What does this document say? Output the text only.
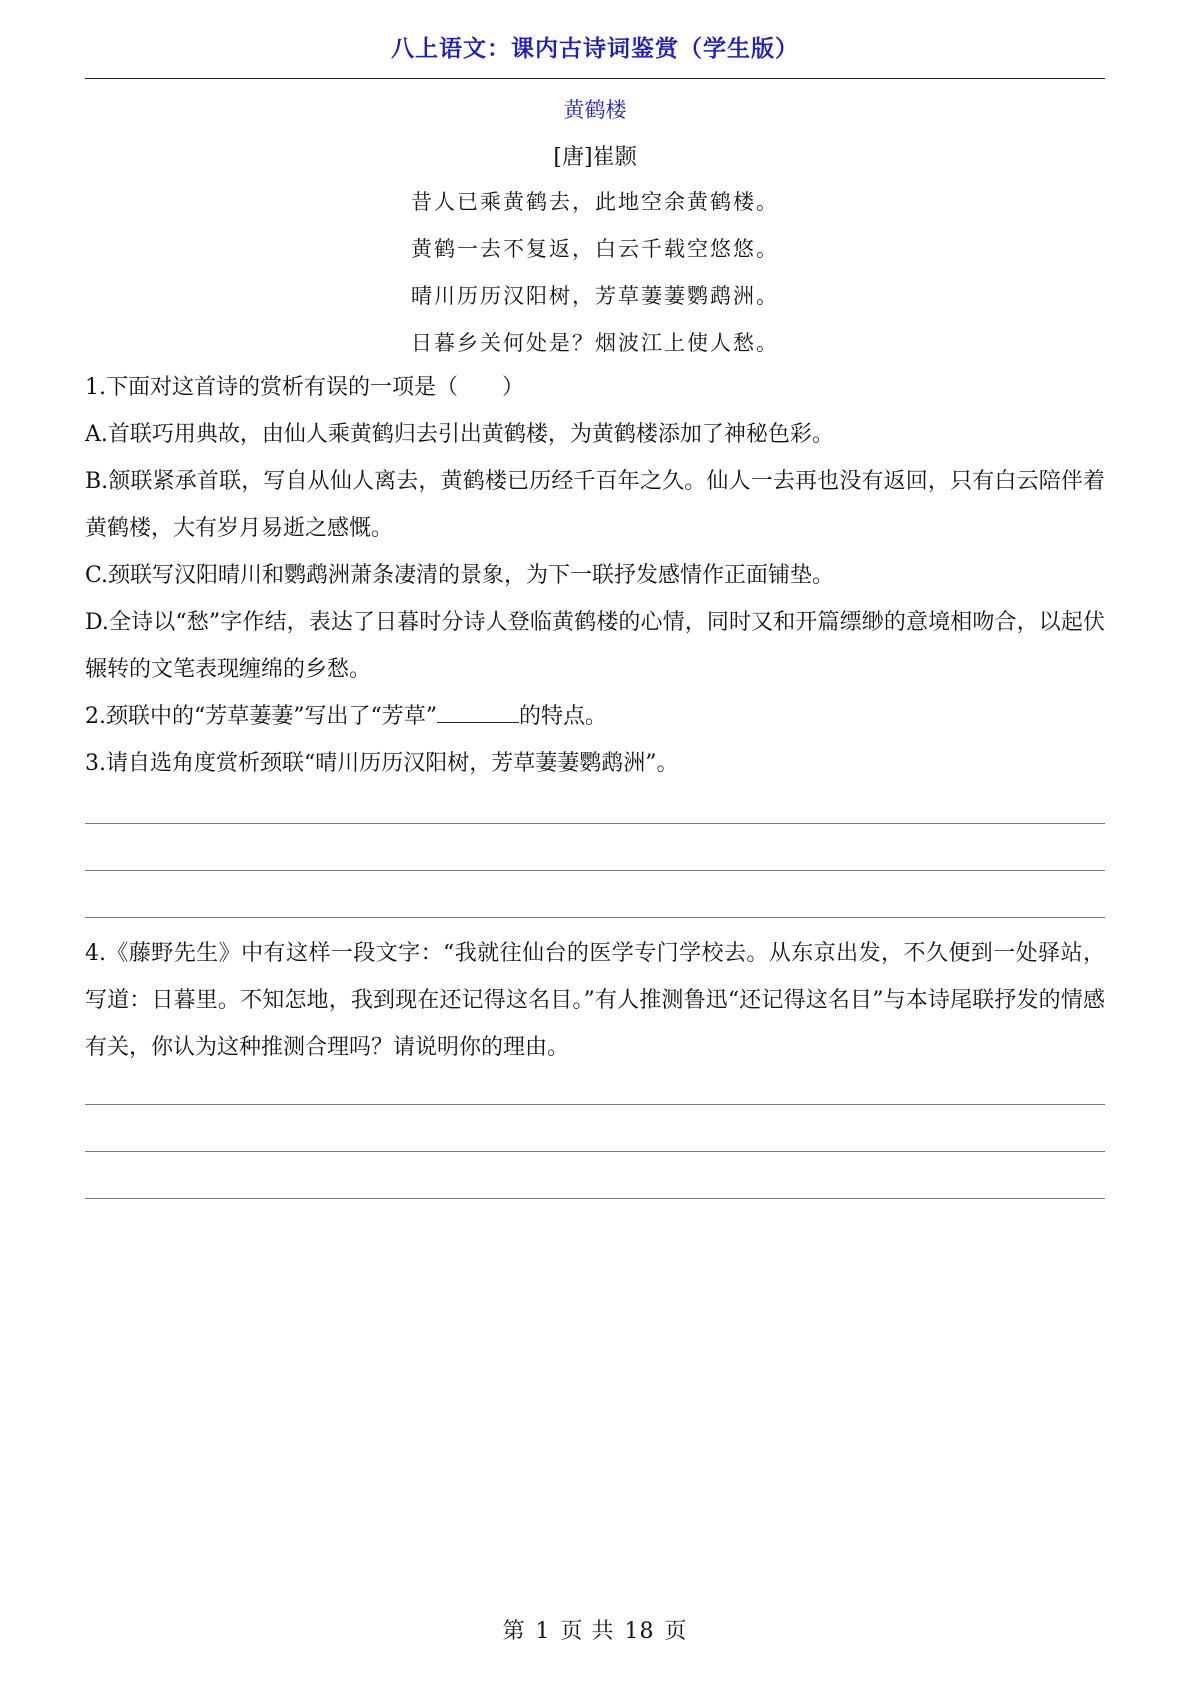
八上语文：课内古诗词鉴赏（学生版）
黄鹤楼
[唐]崔颢
昔人已乘黄鹤去，此地空余黄鹤楼。
黄鹤一去不复返，白云千载空悠悠。
晴川历历汉阳树，芳草萋萋鹦鹉洲。
日暮乡关何处是？烟波江上使人愁。
1.下面对这首诗的赏析有误的一项是（　　）
A.首联巧用典故，由仙人乘黄鹤归去引出黄鹤楼，为黄鹤楼添加了神秘色彩。
B.颔联紧承首联，写自从仙人离去，黄鹤楼已历经千百年之久。仙人一去再也没有返回，只有白云陪伴着黄鹤楼，大有岁月易逝之感慨。
C.颈联写汉阳晴川和鹦鹉洲萧条凄清的景象，为下一联抒发感情作正面铺垫。
D.全诗以“愁”字作结，表达了日暮时分诗人登临黄鹤楼的心情，同时又和开篇缥缈的意境相吻合，以起伏辗转的文笔表现缠绵的乡愁。
2.颈联中的“芳草萋萋”写出了“芳草”	的特点。
3.请自选角度赏析颈联“晴川历历汉阳树，芳草萋萋鹦鹉洲”。
4.《藤野先生》中有这样一段文字：“我就往仙台的医学专门学校去。从东京出发，不久便到一处驿站，写道：日暮里。不知怎地，我到现在还记得这名目。”有人推测鲁迅“还记得这名目”与本诗尾联抒发的情感有关，你认为这种推测合理吗？请说明你的理由。
第 1 页 共 18 页
